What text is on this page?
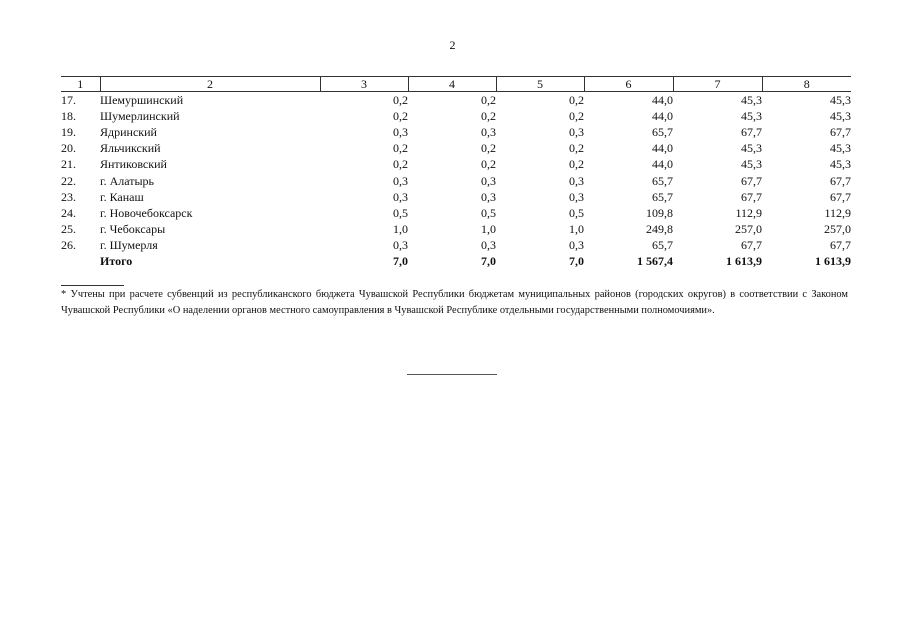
2
1	2	3	4	5	6	7	8
17.	Шемуршинский	0,2	0,2	0,2	44,0	45,3	45,3
18.	Шумерлинский	0,2	0,2	0,2	44,0	45,3	45,3
19.	Ядринский	0,3	0,3	0,3	65,7	67,7	67,7
20.	Яльчикский	0,2	0,2	0,2	44,0	45,3	45,3
21.	Янтиковский	0,2	0,2	0,2	44,0	45,3	45,3
22.	г. Алатырь	0,3	0,3	0,3	65,7	67,7	67,7
23.	г. Канаш	0,3	0,3	0,3	65,7	67,7	67,7
24.	г. Новочебоксарск	0,5	0,5	0,5	109,8	112,9	112,9
25.	г. Чебоксары	1,0	1,0	1,0	249,8	257,0	257,0
26.	г. Шумерля	0,3	0,3	0,3	65,7	67,7	67,7
	Итого	7,0	7,0	7,0	1 567,4	1 613,9	1 613,9
* Учтены при расчете субвенций из республиканского бюджета Чувашской Республики бюджетам муниципальных районов (городских округов) в соответствии с Законом Чувашской Республики «О наделении органов местного самоуправления в Чувашской Республике отдельными государственными полномочиями».
